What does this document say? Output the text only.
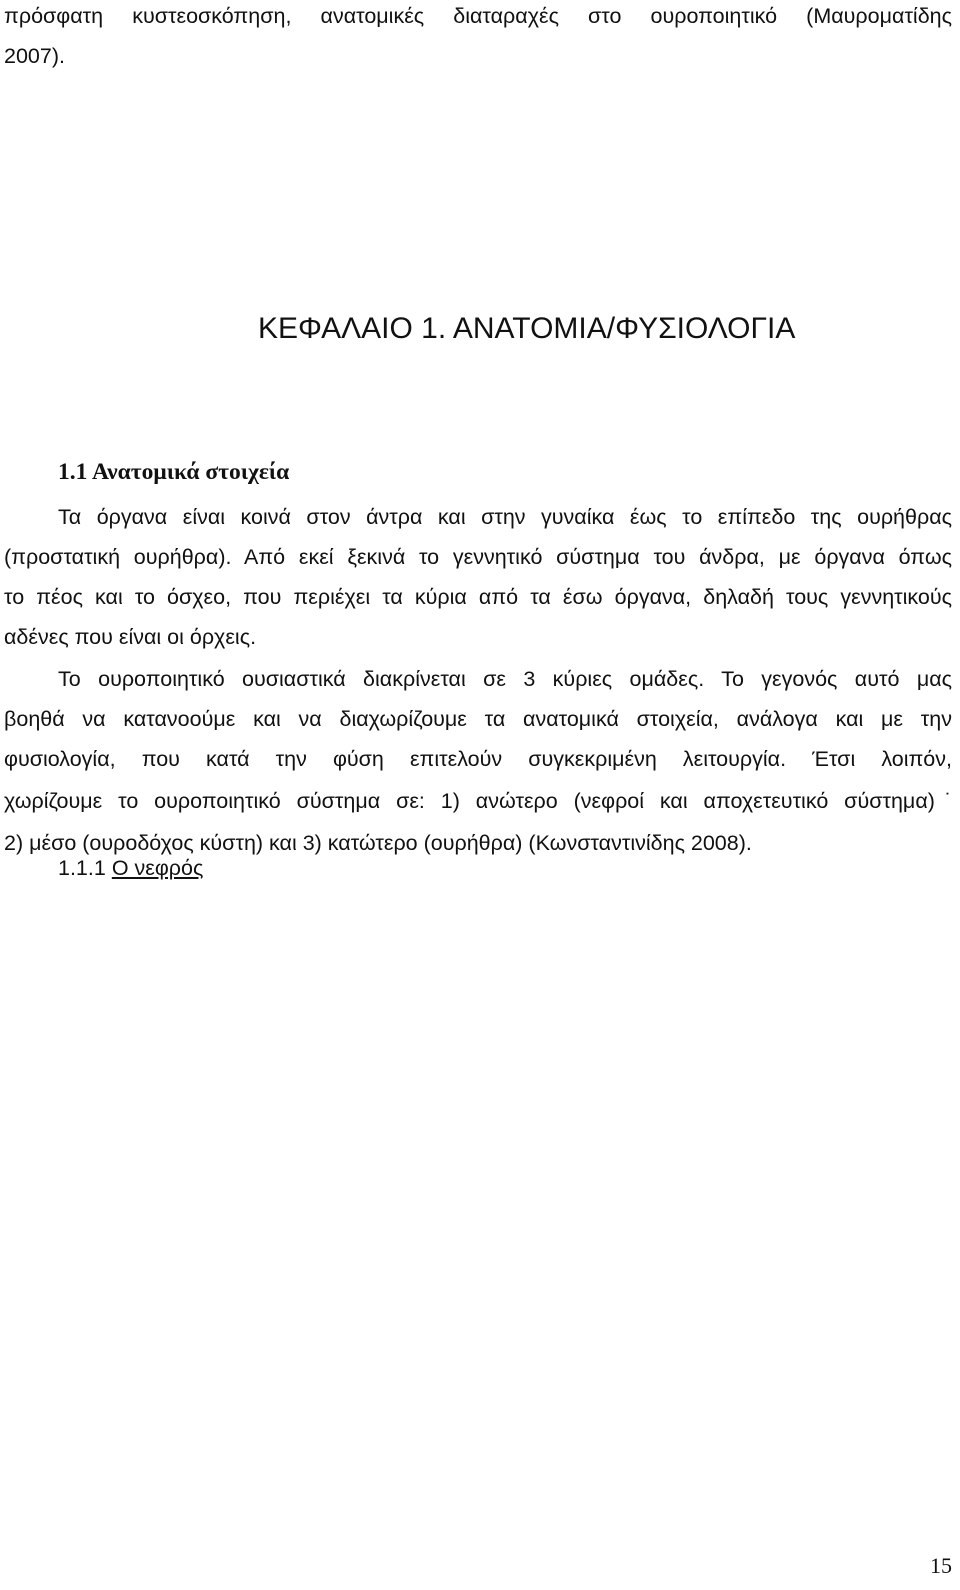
πρόσφατη κυστεοσκόπηση, ανατομικές διαταραχές στο ουροποιητικό (Μαυροματίδης
2007).
ΚΕΦΑΛΑΙΟ 1. ΑΝΑΤΟΜΙΑ/ΦΥΣΙΟΛΟΓΙΑ
1.1 Ανατομικά στοιχεία
Τα όργανα είναι κοινά στον άντρα και στην γυναίκα έως το επίπεδο της ουρήθρας
(προστατική ουρήθρα). Από εκεί ξεκινά το γεννητικό σύστημα του άνδρα, με όργανα όπως
το πέος και το όσχεο, που περιέχει τα κύρια από τα έσω όργανα, δηλαδή τους γεννητικούς
αδένες που είναι οι όρχεις.
Το ουροποιητικό ουσιαστικά διακρίνεται σε 3 κύριες ομάδες. Το γεγονός αυτό μας
βοηθά να κατανοούμε και να διαχωρίζουμε τα ανατομικά στοιχεία, ανάλογα και με την
φυσιολογία, που κατά την φύση επιτελούν συγκεκριμένη λειτουργία. Έτσι λοιπόν,
χωρίζουμε το ουροποιητικό σύστημα σε: 1) ανώτερο (νεφροί και αποχετευτικό σύστημα)˙
2) μέσο (ουροδόχος κύστη) και 3) κατώτερο (ουρήθρα) (Κωνσταντινίδης 2008).
1.1.1 Ο νεφρός
15
